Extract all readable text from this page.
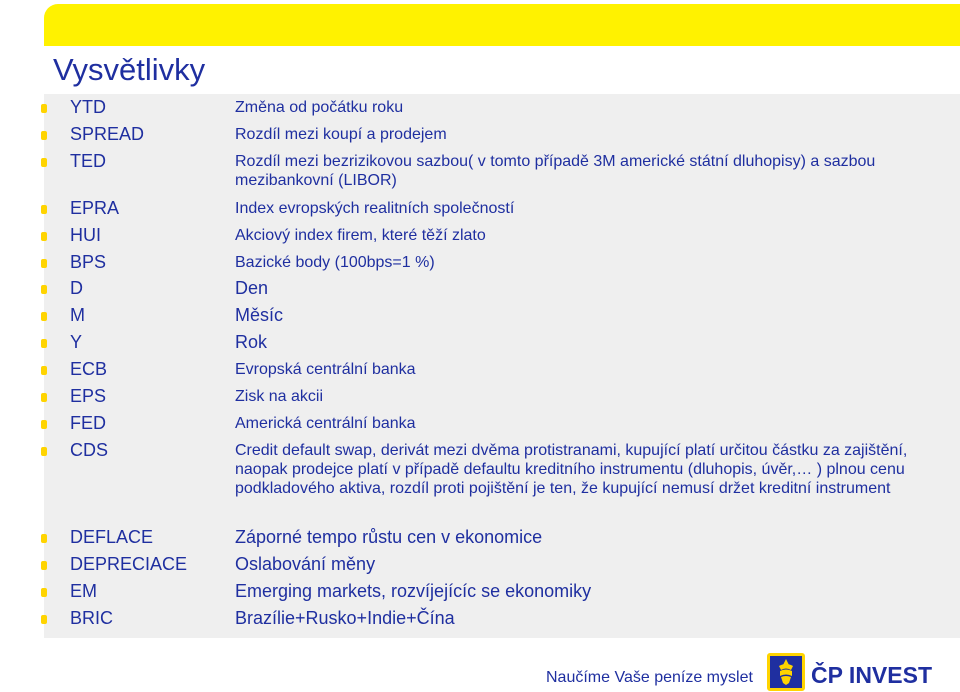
Vysvětlivky
YTD	Změna od počátku roku
SPREAD	Rozdíl mezi koupí a prodejem
TED	Rozdíl mezi bezrizikovou sazbou( v tomto případě 3M americké státní dluhopisy) a sazbou mezibankovní (LIBOR)
EPRA	Index evropských realitních společností
HUI	Akciový index firem, které těží zlato
BPS	Bazické body (100bps=1 %)
D	Den
M	Měsíc
Y	Rok
ECB	Evropská centrální banka
EPS	Zisk na akcii
FED	Americká centrální banka
CDS	Credit default swap, derivát mezi dvěma protistranami, kupující platí určitou částku za zajištění, naopak prodejce platí v případě defaultu kreditního instrumentu (dluhopis, úvěr,… ) plnou cenu podkladového aktiva, rozdíl proti pojištění je ten, že kupující nemusí držet kreditní instrument
DEFLACE	Záporné tempo růstu cen v ekonomice
DEPRECIACE	Oslabování měny
EM	Emerging markets, rozvíjejícíc se ekonomiky
BRIC	Brazílie+Rusko+Indie+Čína
Naučíme Vaše peníze myslet	ČP INVEST
